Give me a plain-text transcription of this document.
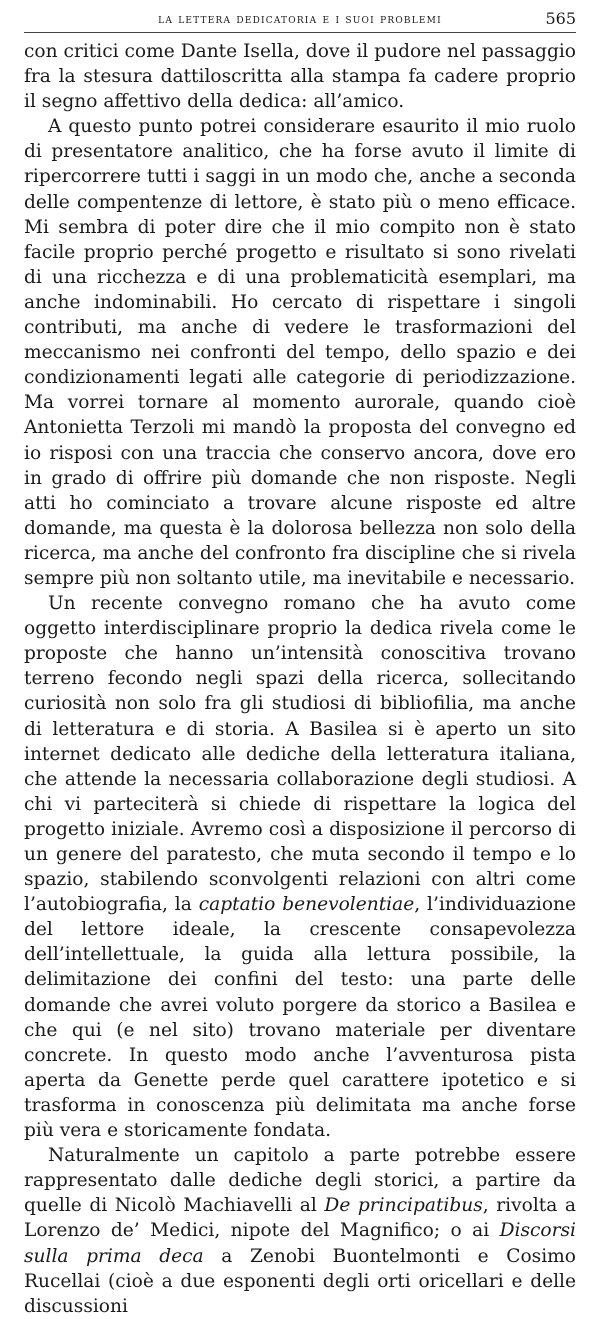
la lettera dedicatoria e i suoi problemi	565

con critici come Dante Isella, dove il pudore nel passaggio fra la stesura dattiloscritta alla stampa fa cadere proprio il segno affettivo della dedica: all’amico.

A questo punto potrei considerare esaurito il mio ruolo di presentatore analitico, che ha forse avuto il limite di ripercorrere tutti i saggi in un modo che, anche a seconda delle compentenze di lettore, è stato più o meno efficace. Mi sembra di poter dire che il mio compito non è stato facile proprio perché progetto e risultato si sono rivelati di una ricchezza e di una problematicità esemplari, ma anche indominabili. Ho cercato di rispettare i singoli contributi, ma anche di vedere le trasformazioni del meccanismo nei confronti del tempo, dello spazio e dei condizionamenti legati alle categorie di periodizzazione. Ma vorrei tornare al momento aurorale, quando cioè Antonietta Terzoli mi mandò la proposta del convegno ed io risposi con una traccia che conservo ancora, dove ero in grado di offrire più domande che non risposte. Negli atti ho cominciato a trovare alcune risposte ed altre domande, ma questa è la dolorosa bellezza non solo della ricerca, ma anche del confronto fra discipline che si rivela sempre più non soltanto utile, ma inevitabile e necessario.

Un recente convegno romano che ha avuto come oggetto interdisciplinare proprio la dedica rivela come le proposte che hanno un’intensità conoscitiva trovano terreno fecondo negli spazi della ricerca, sollecitando curiosità non solo fra gli studiosi di bibliofilia, ma anche di letteratura e di storia. A Basilea si è aperto un sito internet dedicato alle dediche della letteratura italiana, che attende la necessaria collaborazione degli studiosi. A chi vi parteciterà si chiede di rispettare la logica del progetto iniziale. Avremo così a disposizione il percorso di un genere del paratesto, che muta secondo il tempo e lo spazio, stabilendo sconvolgenti relazioni con altri come l’autobiografia, la captatio benevolentiae, l’individuazione del lettore ideale, la crescente consapevolezza dell’intellettuale, la guida alla lettura possibile, la delimitazione dei confini del testo: una parte delle domande che avrei voluto porgere da storico a Basilea e che qui (e nel sito) trovano materiale per diventare concrete. In questo modo anche l’avventurosa pista aperta da Genette perde quel carattere ipotetico e si trasforma in conoscenza più delimitata ma anche forse più vera e storicamente fondata.

Naturalmente un capitolo a parte potrebbe essere rappresentato dalle dediche degli storici, a partire da quelle di Nicolò Machiavelli al De principatibus, rivolta a Lorenzo de’ Medici, nipote del Magnifico; o ai Discorsi sulla prima deca a Zenobi Buontelmonti e Cosimo Rucellai (cioè a due esponenti degli orti oricellari e delle discussioni
